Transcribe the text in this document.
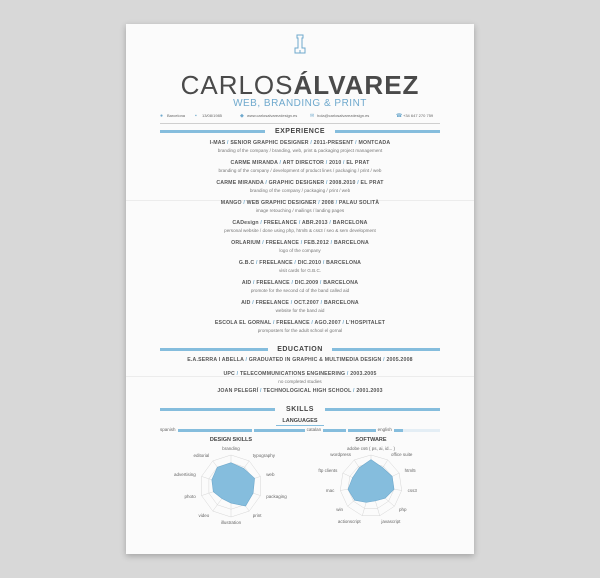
CARLOSÁLVAREZ
WEB, BRANDING & PRINT
● Barcelona ▪ 13/08/1985	◆ www.carlosalvarezdesign.es	✉ hola@carlosalvarezdesign.es	☎ +34 647 270 759
EXPERIENCE
I-MAS / SENIOR GRAPHIC DESIGNER / 2011-PRESENT / MONTCADA
branding of the company / branding, web, print & packaging project management
CARME MIRANDA / ART DIRECTOR / 2010 / EL PRAT
branding of the company / development of product lines / packaging / print / web
CARME MIRANDA / GRAPHIC DESIGNER / 2008.2010 / EL PRAT
branding of the company / packaging / print / web
MANGO / WEB GRAPHIC DESIGNER / 2008 / PALAU SOLITÀ
image retouching / mailings / landing pages
CADesign / FREELANCE / ABR.2013 / BARCELONA
personal website / done using php, html5 & css3 / seo & sem development
ORLARIUM / FREELANCE / FEB.2012 / BARCELONA
logo of the company
G.B.C / FREELANCE / DIC.2010 / BARCELONA
visit cards for G.B.C.
AID / FREELANCE / DIC.2009 / BARCELONA
promote for the second cd of the band called aid
AID / FREELANCE / OCT.2007 / BARCELONA
website for the band aid
ESCOLA EL GORNAL / FREELANCE / AGO.2007 / L'HOSPITALET
promposters for the adult school el gornal
EDUCATION
E.A.SERRA I ABELLA / GRADUATED IN GRAPHIC & MULTIMEDIA DESIGN / 2005.2008
UPC / TELECOMMUNICATIONS ENGINEERING / 2003.2005
no completed studies
JOAN PELEGRÍ / TECHNOLOGICAL HIGH SCHOOL / 2001.2003
SKILLS
LANGUAGES
spanish	catalan	english
DESIGN SKILLS	SOFTWARE
branding
typography
web
packaging
print
illustration
video
photo
advertising
editorial
adobe cs6 ( ps, ai, id... )
office suite
html5
css3
php
javascript
actionscript
win
mac
ftp clients
wordpress
